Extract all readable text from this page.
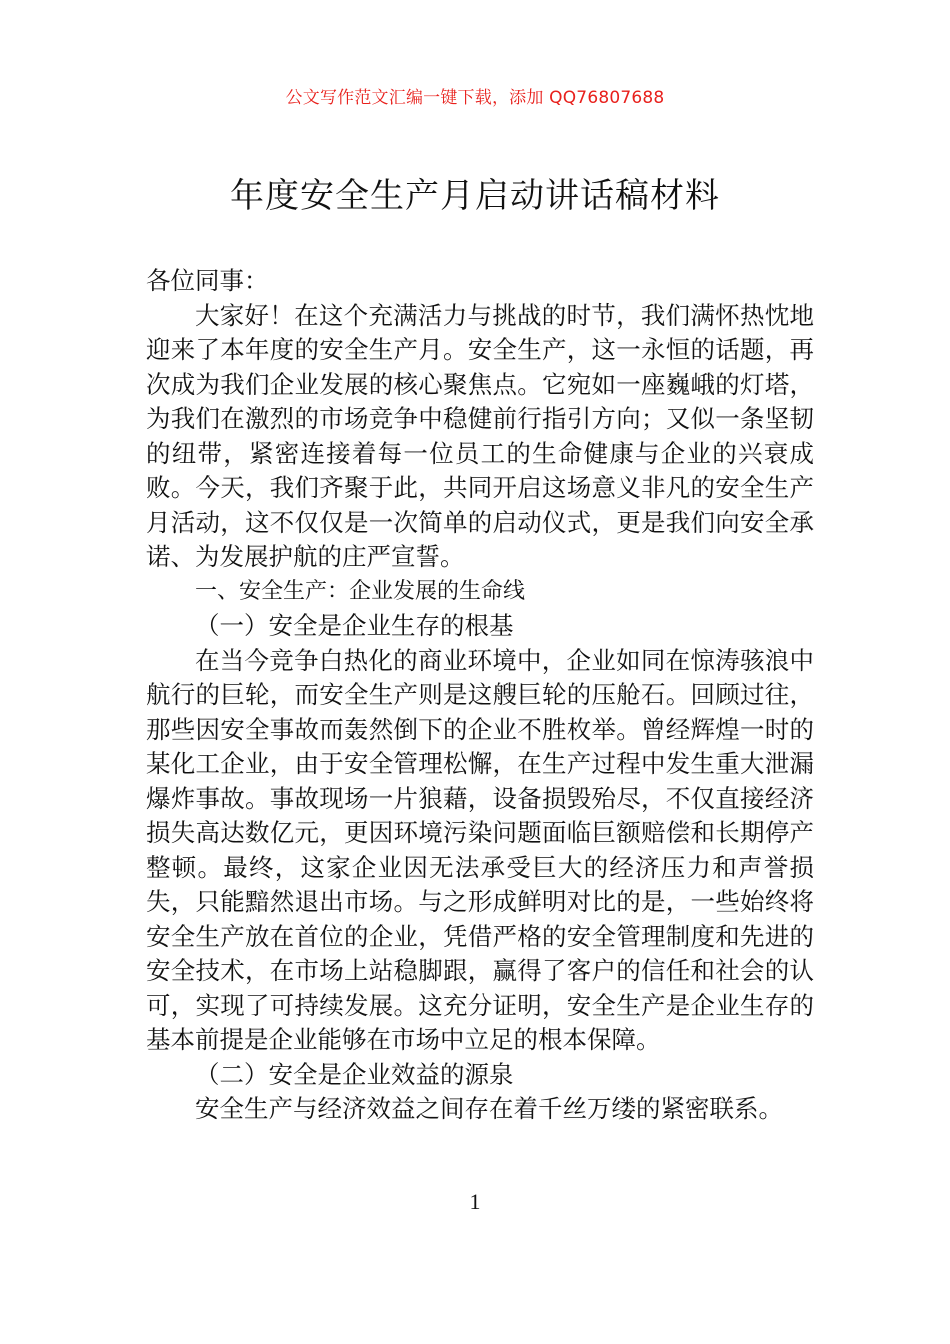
公文写作范文汇编一键下载，添加 QQ76807688
年度安全生产月启动讲话稿材料

各位同事：

大家好！在这个充满活力与挑战的时节，我们满怀热忱地迎来了本年度的安全生产月。安全生产，这一永恒的话题，再次成为我们企业发展的核心聚焦点。它宛如一座巍峨的灯塔，为我们在激烈的市场竞争中稳健前行指引方向；又似一条坚韧的纽带，紧密连接着每一位员工的生命健康与企业的兴衰成败。今天，我们齐聚于此，共同开启这场意义非凡的安全生产月活动，这不仅仅是一次简单的启动仪式，更是我们向安全承诺、为发展护航的庄严宣誓。

一、安全生产：企业发展的生命线

（一）安全是企业生存的根基

在当今竞争白热化的商业环境中，企业如同在惊涛骇浪中航行的巨轮，而安全生产则是这艘巨轮的压舱石。回顾过往，那些因安全事故而轰然倒下的企业不胜枚举。曾经辉煌一时的某化工企业，由于安全管理松懈，在生产过程中发生重大泄漏爆炸事故。事故现场一片狼藉，设备损毁殆尽，不仅直接经济损失高达数亿元，更因环境污染问题面临巨额赔偿和长期停产整顿。最终，这家企业因无法承受巨大的经济压力和声誉损失，只能黯然退出市场。与之形成鲜明对比的是，一些始终将安全生产放在首位的企业，凭借严格的安全管理制度和先进的安全技术，在市场上站稳脚跟，赢得了客户的信任和社会的认可，实现了可持续发展。这充分证明，安全生产是企业生存的基本前提是企业能够在市场中立足的根本保障。

（二）安全是企业效益的源泉

安全生产与经济效益之间存在着千丝万缕的紧密联系。

1
